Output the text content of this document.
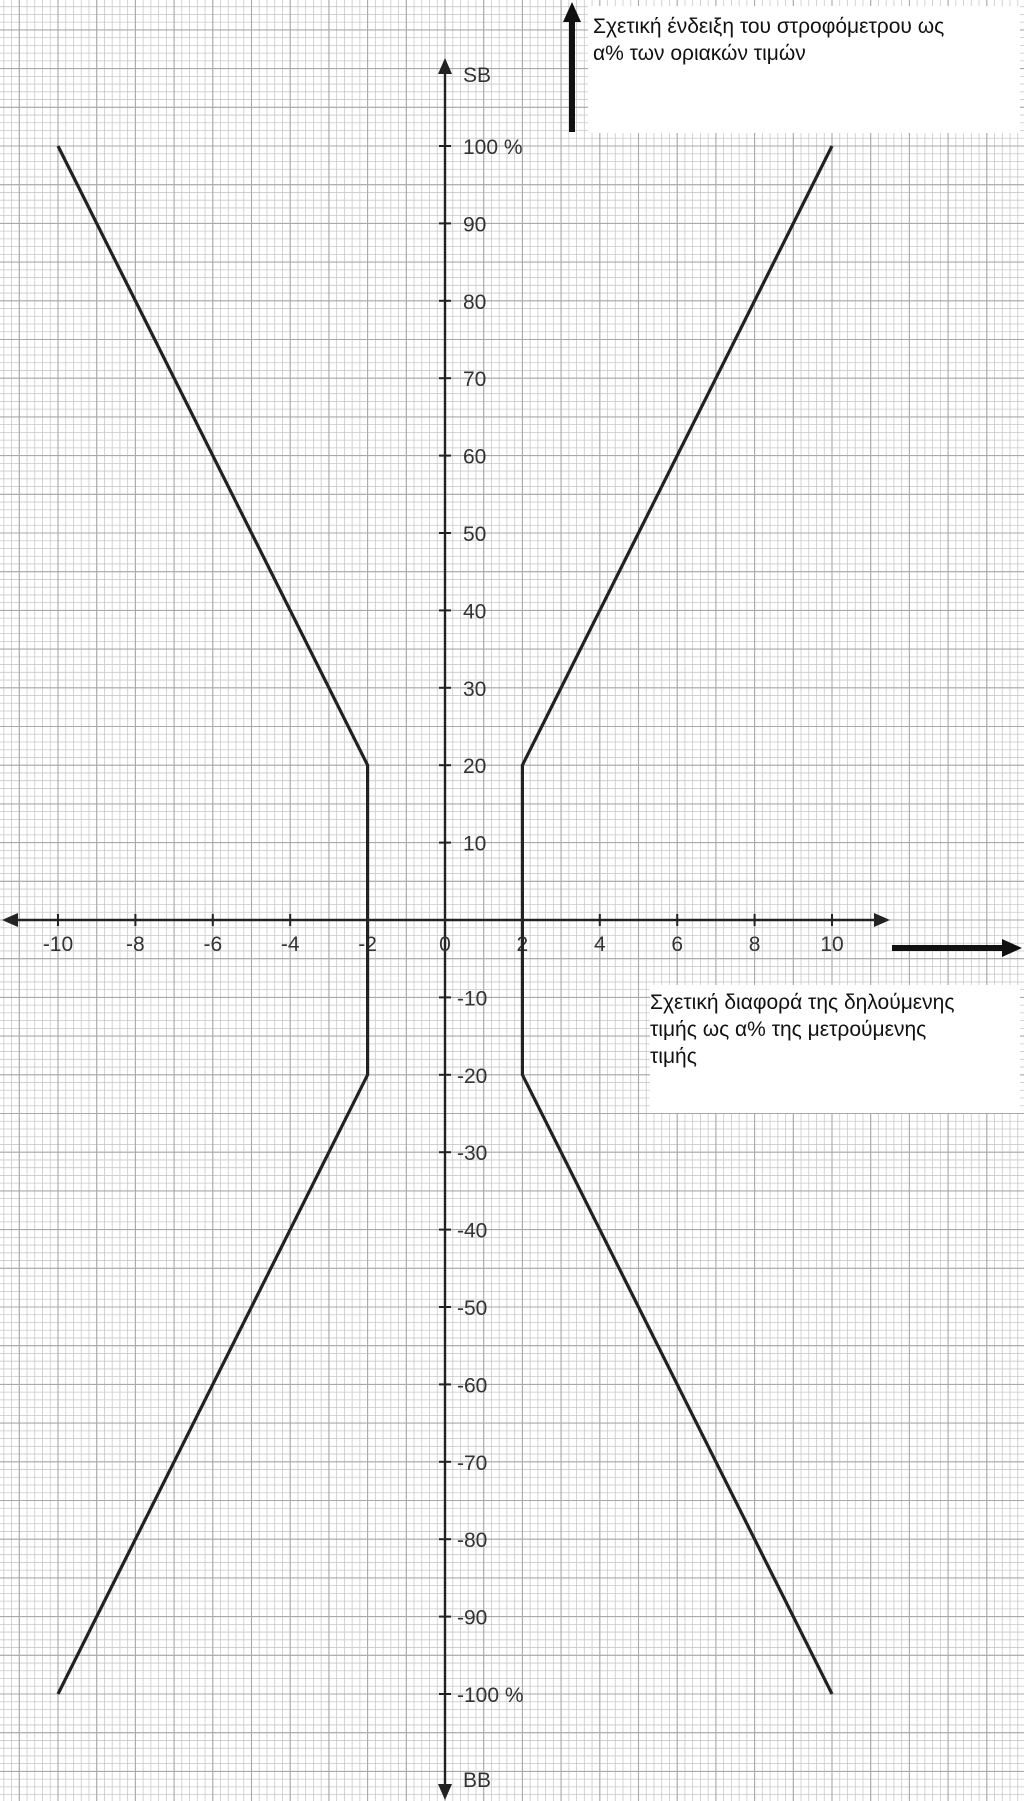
-10	-8	-6	-4	-2	0	2	4	6	8	10
100 %
90
80
70
60
50
40
30
20
10
-10
-20
-30
-40
-50
-60
-70
-80
-90
-100 %
Σχετική ένδειξη του στροφόμετρου ως
α% των οριακών τιμών
Σχετική διαφορά της δηλούμενης
τιμής ως α% της μετρούμενης
τιμής
SB
BB
